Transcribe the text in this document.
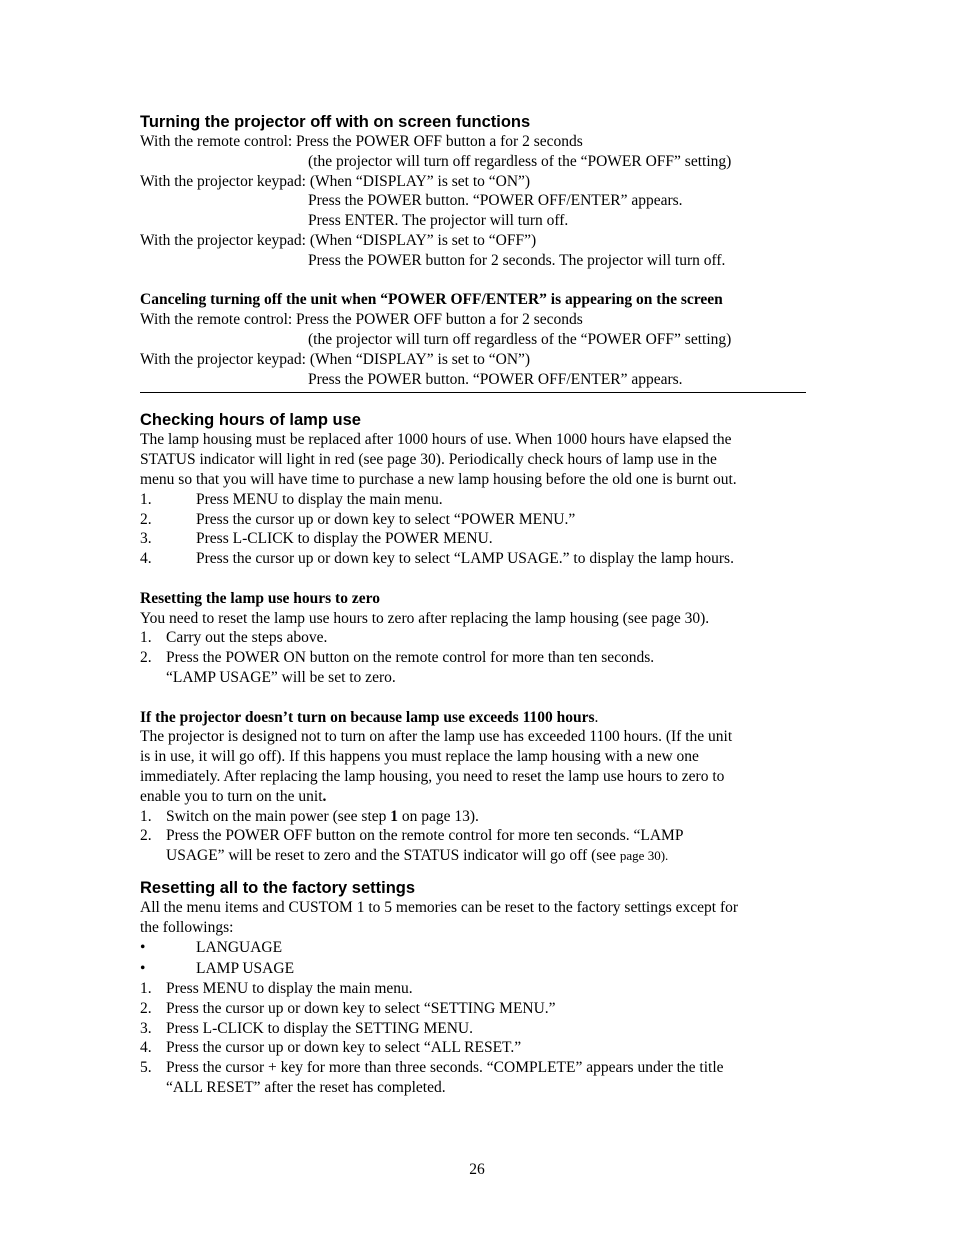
Turning the projector off with on screen functions
With the remote control: Press the POWER OFF button a for 2 seconds
(the projector will turn off regardless of the “POWER OFF” setting)
With the projector keypad: (When “DISPLAY” is set to “ON”)
Press the POWER button. “POWER OFF/ENTER” appears.
Press ENTER. The projector will turn off.
With the projector keypad: (When “DISPLAY” is set to “OFF”)
Press the POWER button for 2 seconds. The projector will turn off.
Canceling turning off the unit when “POWER OFF/ENTER” is appearing on the screen
With the remote control: Press the POWER OFF button a for 2 seconds
(the projector will turn off regardless of the “POWER OFF” setting)
With the projector keypad: (When “DISPLAY” is set to “ON”)
Press the POWER button. “POWER OFF/ENTER” appears.
Checking hours of lamp use
The lamp housing must be replaced after 1000 hours of use. When 1000 hours have elapsed the
STATUS indicator will light in red (see page 30). Periodically check hours of lamp use in the
menu so that you will have time to purchase a new lamp housing before the old one is burnt out.
1.	Press MENU to display the main menu.
2.	Press the cursor up or down key to select “POWER MENU.”
3.	Press L-CLICK to display the POWER MENU.
4.	Press the cursor up or down key to select “LAMP USAGE.” to display the lamp hours.
Resetting the lamp use hours to zero
You need to reset the lamp use hours to zero after replacing the lamp housing (see page 30).
1. Carry out the steps above.
2. Press the POWER ON button on the remote control for more than ten seconds.
“LAMP USAGE” will be set to zero.
If the projector doesn’t turn on because lamp use exceeds 1100 hours.
The projector is designed not to turn on after the lamp use has exceeded 1100 hours. (If the unit
is in use, it will go off). If this happens you must replace the lamp housing with a new one
immediately. After replacing the lamp housing, you need to reset the lamp use hours to zero to
enable you to turn on the unit.
1. Switch on the main power (see step 1 on page 13).
2. Press the POWER OFF button on the remote control for more ten seconds. “LAMP
USAGE” will be reset to zero and the STATUS indicator will go off (see page 30).
Resetting all to the factory settings
All the menu items and CUSTOM 1 to 5 memories can be reset to the factory settings except for
the followings:
•	LANGUAGE
•	LAMP USAGE
1. Press MENU to display the main menu.
2. Press the cursor up or down key to select “SETTING MENU.”
3. Press L-CLICK to display the SETTING MENU.
4. Press the cursor up or down key to select “ALL RESET.”
5. Press the cursor + key for more than three seconds. “COMPLETE” appears under the title
“ALL RESET” after the reset has completed.
26
